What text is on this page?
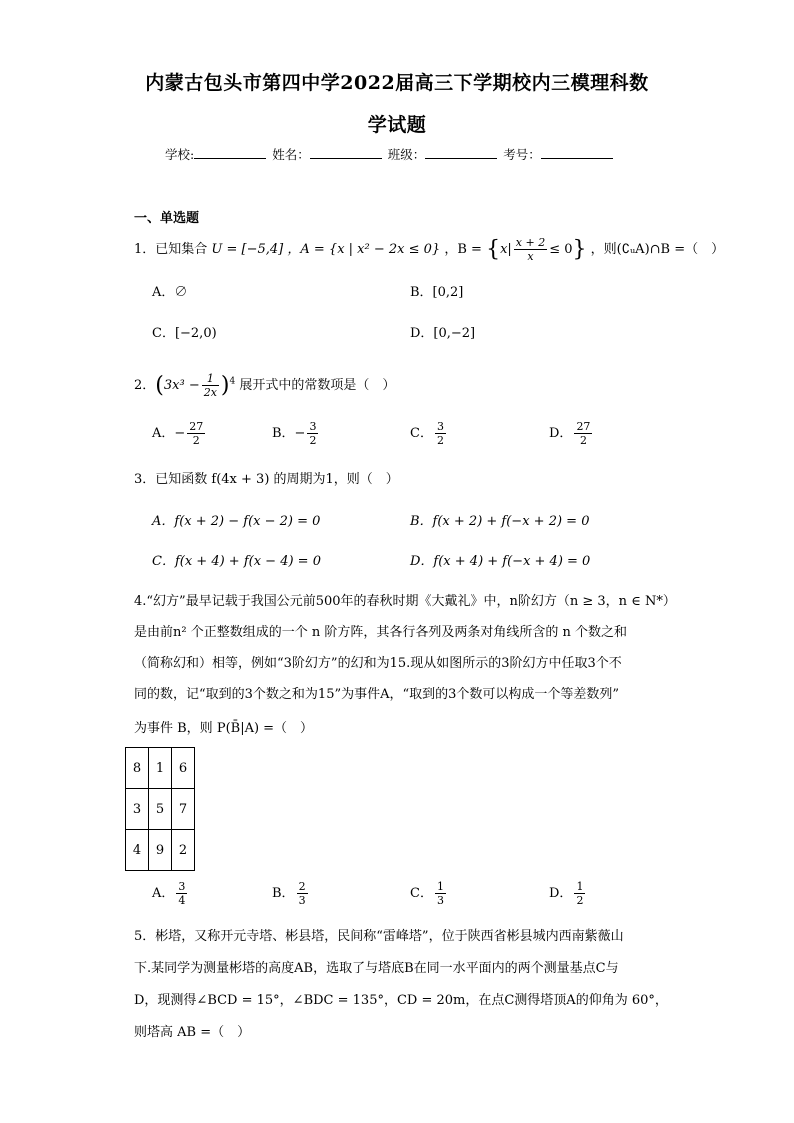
内蒙古包头市第四中学2022届高三下学期校内三模理科数
学试题
学校:	姓名：	班级：	考号：
一、单选题
1．已知集合 U = [−5,4] ，A = {x | x² − 2x ≤ 0} ，$B = \{x| \frac{x + 2}{x} \le 0\}$ ，则(∁ᵤA)∩B =（　）
A．∅	B．[0,2]
C．[−2,0)	D．[0,−2]
2．$(3x^3 - \frac{1}{2x} )^4$ 展开式中的常数项是（　）
A．− $\frac{27}{2}$	B．− $\frac{3}{2}$	C． $\frac{3}{2}$	D． $\frac{27}{2}$
3．已知函数 f(4x + 3) 的周期为1，则（　）
A．f(x + 2) − f(x − 2) = 0	B．f(x + 2) + f(−x + 2) = 0
C．f(x + 4) + f(x − 4) = 0	D．f(x + 4) + f(−x + 4) = 0
4.“幻方”最早记载于我国公元前500年的春秋时期《大戴礼》中，n阶幻方（n ≥ 3，n ∈ N*）
是由前n² 个正整数组成的一个 n 阶方阵，其各行各列及两条对角线所含的 n 个数之和
（简称幻和）相等，例如“3阶幻方”的幻和为15.现从如图所示的3阶幻方中任取3个不
同的数，记“取到的3个数之和为15”为事件A，“取到的3个数可以构成一个等差数列”
为事件 B，则 P(B̄|A) =（　）
8	1	6
3	5	7
4	9	2
A． $\frac{3}{4}$	B． $\frac{2}{3}$	C． $\frac{1}{3}$	D． $\frac{1}{2}$
5．彬塔，又称开元寺塔、彬县塔，民间称“雷峰塔”，位于陕西省彬县城内西南紫薇山
下.某同学为测量彬塔的高度AB，选取了与塔底B在同一水平面内的两个测量基点C与
D，现测得∠BCD = 15°，∠BDC = 135°，CD = 20m，在点C测得塔顶A的仰角为 60°，
则塔高 AB =（　）
